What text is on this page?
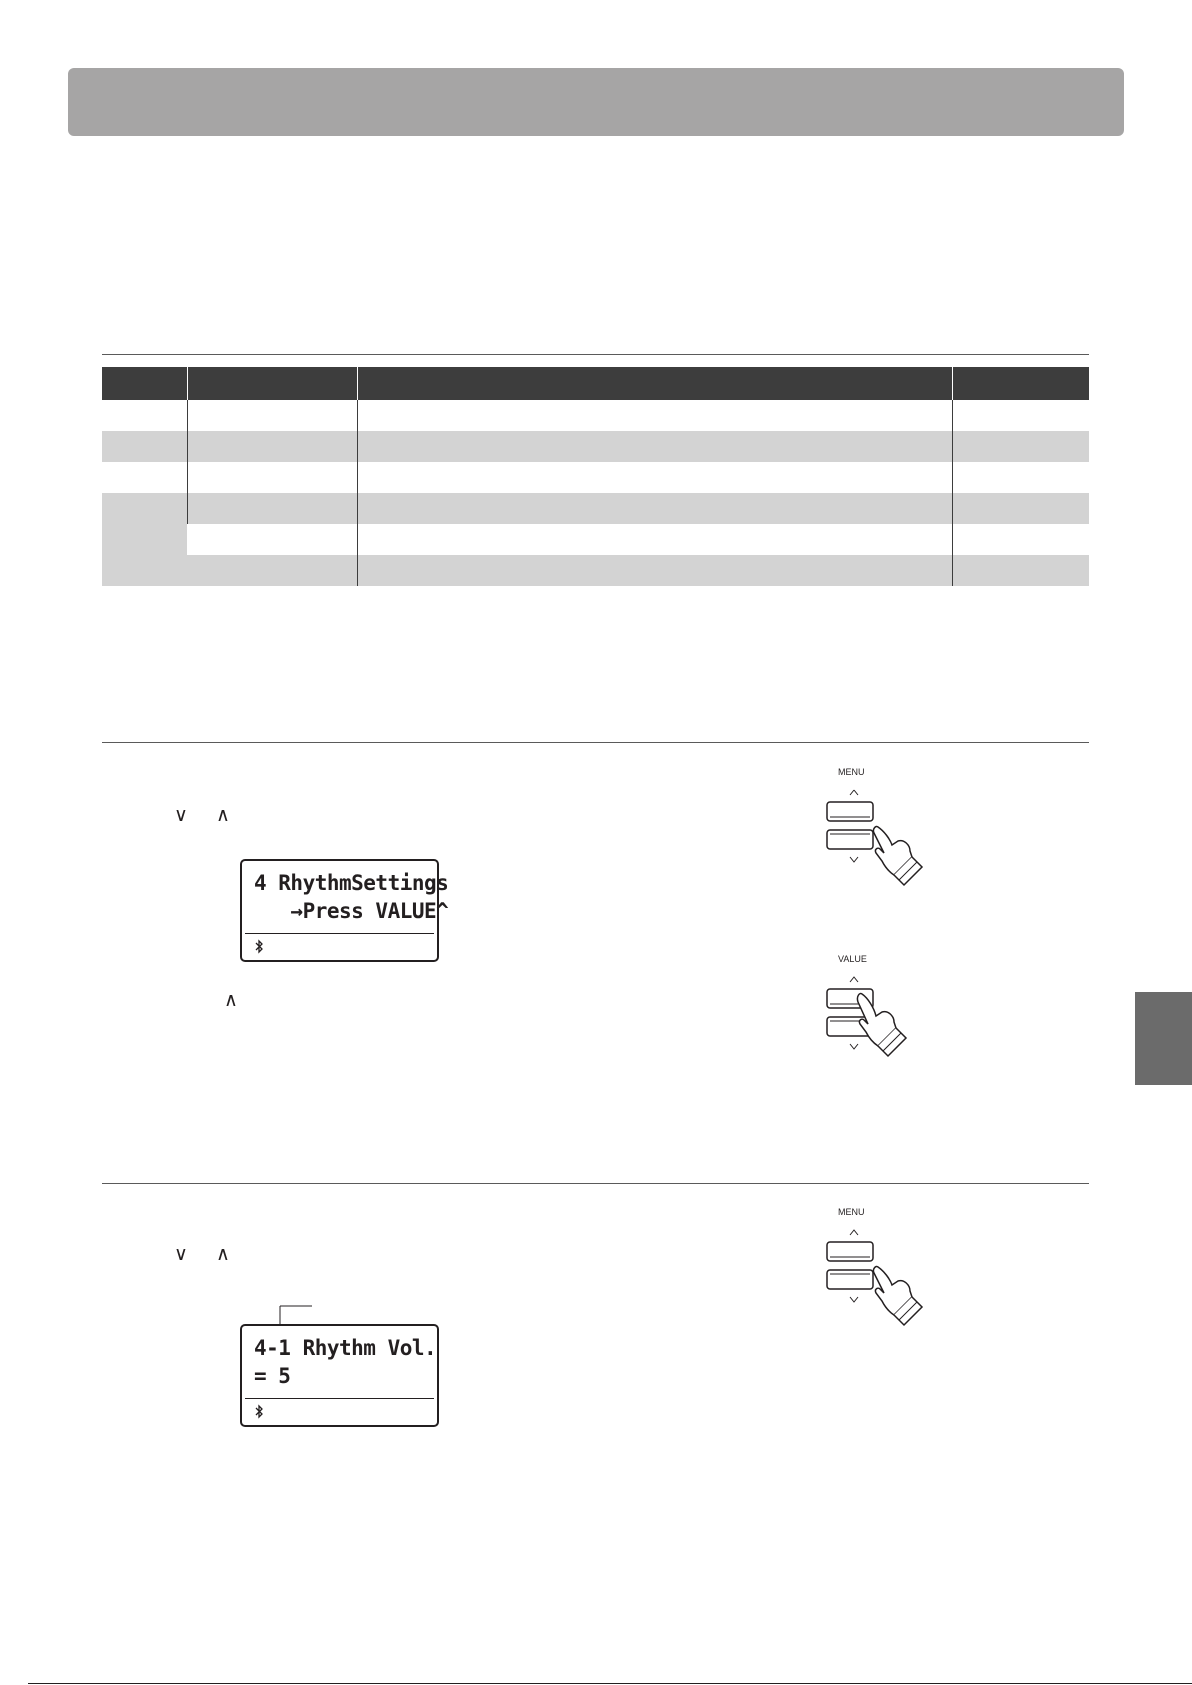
∨ ∧
4 RhythmSettings
→Press VALUE^
∧
MENU
VALUE
∨ ∧
4-1 Rhythm Vol.
= 5
MENU
